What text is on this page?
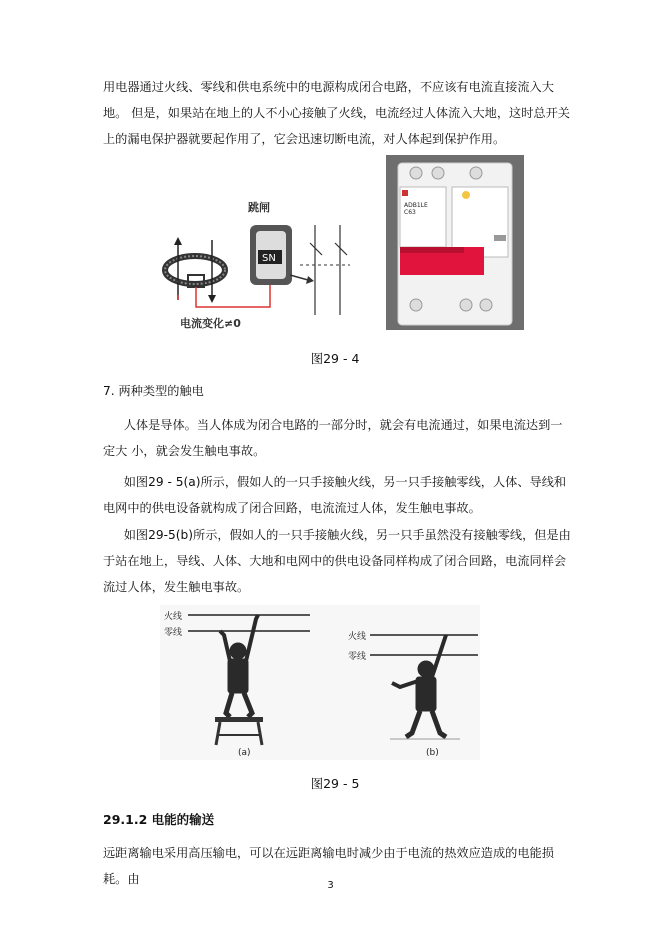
用电器通过火线、零线和供电系统中的电源构成闭合电路，不应该有电流直接流入大地。 但是，如果站在地上的人不小心接触了火线，电流经过人体流入大地，这时总开关上的漏电保护器就要起作用了，它会迅速切断电流，对人体起到保护作用。

SN
跳闸
电流变化≠0
ADB1LE
C63
图29 - 4
7. 两种类型的触电

人体是导体。当人体成为闭合电路的一部分时，就会有电流通过，如果电流达到一定大 小，就会发生触电事故。

如图29 - 5(a)所示，假如人的一只手接触火线，另一只手接触零线，人体、导线和电网中的供电设备就构成了闭合回路，电流流过人体，发生触电事故。

如图29-5(b)所示，假如人的一只手接触火线，另一只手虽然没有接触零线，但是由于站在地上，导线、人体、大地和电网中的供电设备同样构成了闭合回路，电流同样会流过人体，发生触电事故。

火线
零线
(a)
火线
零线
(b)
图29 - 5
29.1.2 电能的输送

远距离输电采用高压输电，可以在远距离输电时减少由于电流的热效应造成的电能损耗。由	3
